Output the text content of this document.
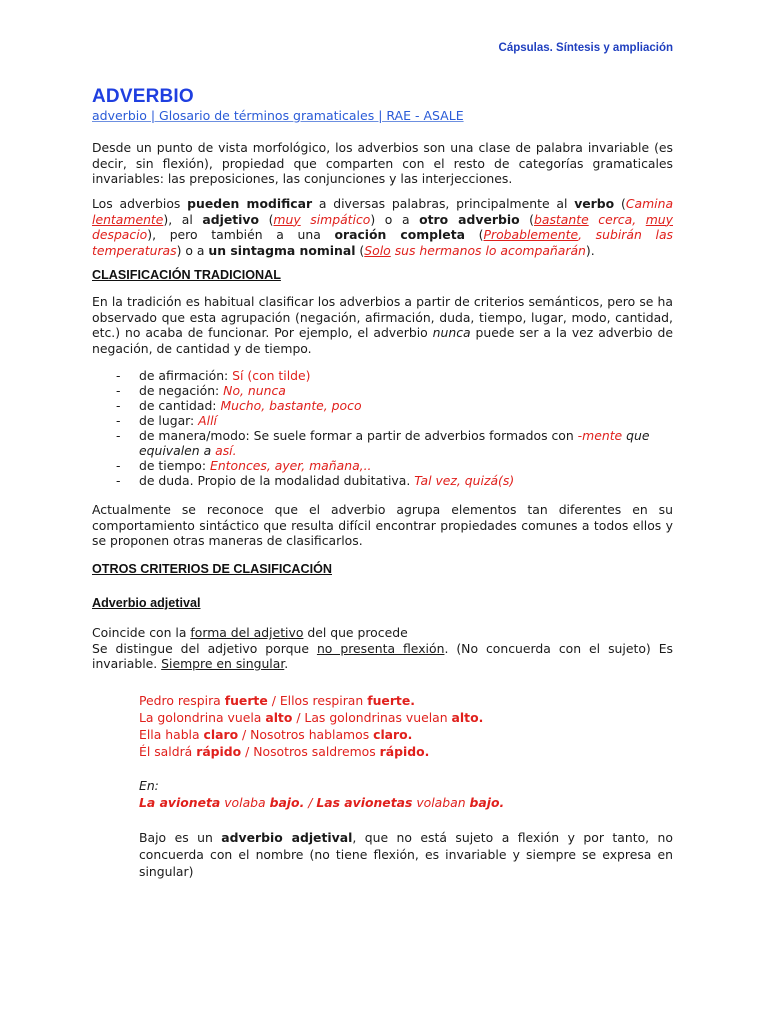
Cápsulas. Síntesis y ampliación
ADVERBIO
adverbio | Glosario de términos gramaticales | RAE - ASALE

Desde un punto de vista morfológico, los adverbios son una clase de palabra invariable (es decir, sin flexión), propiedad que comparten con el resto de categorías gramaticales invariables: las preposiciones, las conjunciones y las interjecciones.

Los adverbios pueden modificar a diversas palabras, principalmente al verbo (Camina lentamente), al adjetivo (muy simpático) o a otro adverbio (bastante cerca, muy despacio), pero también a una oración completa (Probablemente, subirán las temperaturas) o a un sintagma nominal (Solo sus hermanos lo acompañarán).

CLASIFICACIÓN TRADICIONAL

En la tradición es habitual clasificar los adverbios a partir de criterios semánticos, pero se ha observado que esta agrupación (negación, afirmación, duda, tiempo, lugar, modo, cantidad, etc.) no acaba de funcionar. Por ejemplo, el adverbio nunca puede ser a la vez adverbio de negación, de cantidad y de tiempo.

- de afirmación: Sí (con tilde)
- de negación: No, nunca
- de cantidad: Mucho, bastante, poco
- de lugar: Allí
- de manera/modo: Se suele formar a partir de adverbios formados con -mente que equivalen a así.
- de tiempo: Entonces, ayer, mañana,..
- de duda. Propio de la modalidad dubitativa. Tal vez, quizá(s)

Actualmente se reconoce que el adverbio agrupa elementos tan diferentes en su comportamiento sintáctico que resulta difícil encontrar propiedades comunes a todos ellos y se proponen otras maneras de clasificarlos.

OTROS CRITERIOS DE CLASIFICACIÓN
Adverbio adjetival

Coincide con la forma del adjetivo del que procede
Se distingue del adjetivo porque no presenta flexión. (No concuerda con el sujeto) Es invariable. Siempre en singular.

Pedro respira fuerte / Ellos respiran fuerte.
La golondrina vuela alto / Las golondrinas vuelan alto.
Ella habla claro / Nosotros hablamos claro.
Él saldrá rápido / Nosotros saldremos rápido.
En:
La avioneta volaba bajo. / Las avionetas volaban bajo.

Bajo es un adverbio adjetival, que no está sujeto a flexión y por tanto, no concuerda con el nombre (no tiene flexión, es invariable y siempre se expresa en singular)
